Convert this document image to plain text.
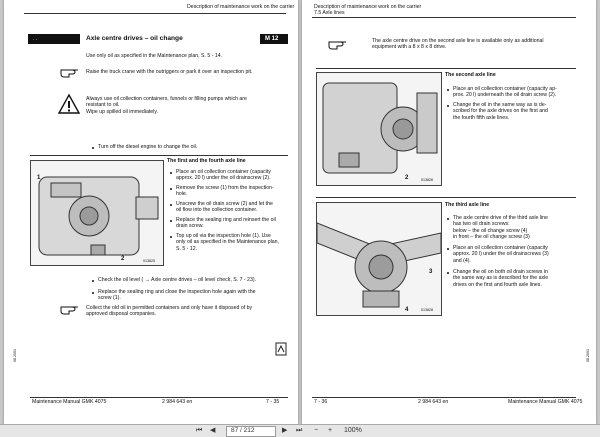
Description of maintenance work on the carrier
. .	Axle centre drives – oil change	M 12
Use only oil as specified in the Maintenance plan, S. 5 - 14.
Raise the truck crane with the outriggers or park it over an inspection pit.
Always use oil collection containers, funnels or filling pumps which are
resistant to oil.
Wipe up spilled oil immediately.
Turn off the diesel engine to change the oil.
1
2	013825
The first and the fourth axle line
Place an oil collection container (capacity
approx. 20 l) under the oil drainscrew (2).
Remove the screw (1) from the inspection-
hole.
Unscrew the oil drain screw (2) and let the
oil flow into the collection container.
Replace the sealing ring and reinsert the oil
drain screw.
Top up oil via the inspection hole (1). Use
only oil as specified in the Maintenance plan,
S. 5 - 12.
Check the oil level ( → Axle centre drives – oil level check, S. 7 - 23).
Replace the sealing ring and close the inspection hole again with the
screw (1).
Collect the old oil in permitted containers and only have it disposed of by
approved disposal companies.
08.2001
Maintenance Manual GMK 4075	2 984 643 en	7 - 35
Description of maintenance work on the carrier
7.5 Axle lines
The axle centre drive on the second axle line is available only as additional
equipment with a 8 x 8 x 8 drive.
2	013826
The second axle line
Place an oil collection container (capacity ap-
prox. 20 l) underneath the oil drain screw (2).
Change the oil in the same way as is de-
scribed for the axle drives on the first and
the fourth fifth axle lines.
3
4	013828
The third axle line
The axle centre drive of the third axle line
has two oil drain screws:
below – the oil change screw (4)
in front – the oil change screw (3)
Place an oil collection container (capacity
approx. 20 l) under the oil drainscrews (3)
and (4).
Change the oil on both oil drain screws in
the same way as is described for the axle
drives on the first and fourth axle lines.
08.2001
7 - 36	2 984 643 en	Maintenance Manual GMK 4075
⏮ ◀ 87 / 212	▶ ⏭ − + 100%
